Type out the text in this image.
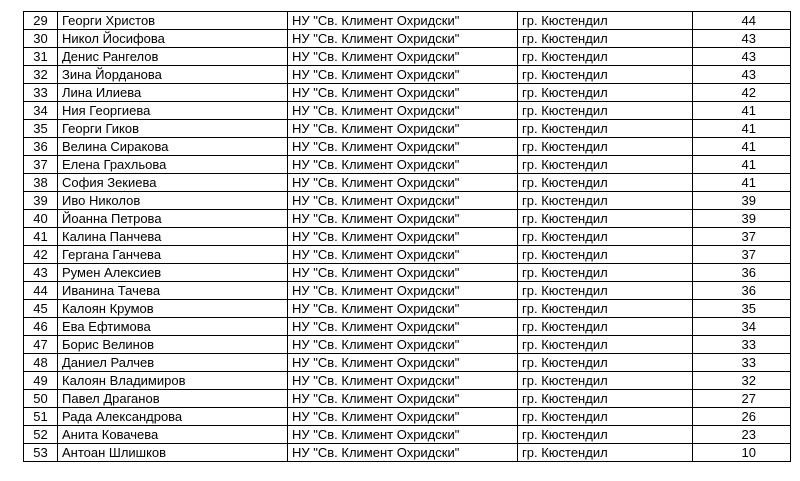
29	Георги Христов	НУ "Св. Климент Охридски"	гр. Кюстендил	44
30	Никол Йосифова	НУ "Св. Климент Охридски"	гр. Кюстендил	43
31	Денис Рангелов	НУ "Св. Климент Охридски"	гр. Кюстендил	43
32	Зина Йорданова	НУ "Св. Климент Охридски"	гр. Кюстендил	43
33	Лина Илиева	НУ "Св. Климент Охридски"	гр. Кюстендил	42
34	Ния Георгиева	НУ "Св. Климент Охридски"	гр. Кюстендил	41
35	Георги Гиков	НУ "Св. Климент Охридски"	гр. Кюстендил	41
36	Велина Сиракова	НУ "Св. Климент Охридски"	гр. Кюстендил	41
37	Елена Грахльова	НУ "Св. Климент Охридски"	гр. Кюстендил	41
38	София Зекиева	НУ "Св. Климент Охридски"	гр. Кюстендил	41
39	Иво Николов	НУ "Св. Климент Охридски"	гр. Кюстендил	39
40	Йоанна Петрова	НУ "Св. Климент Охридски"	гр. Кюстендил	39
41	Калина Панчева	НУ "Св. Климент Охридски"	гр. Кюстендил	37
42	Гергана Ганчева	НУ "Св. Климент Охридски"	гр. Кюстендил	37
43	Румен Алексиев	НУ "Св. Климент Охридски"	гр. Кюстендил	36
44	Иванина Тачева	НУ "Св. Климент Охридски"	гр. Кюстендил	36
45	Калоян Крумов	НУ "Св. Климент Охридски"	гр. Кюстендил	35
46	Ева Ефтимова	НУ "Св. Климент Охридски"	гр. Кюстендил	34
47	Борис Велинов	НУ "Св. Климент Охридски"	гр. Кюстендил	33
48	Даниел Ралчев	НУ "Св. Климент Охридски"	гр. Кюстендил	33
49	Калоян Владимиров	НУ "Св. Климент Охридски"	гр. Кюстендил	32
50	Павел Драганов	НУ "Св. Климент Охридски"	гр. Кюстендил	27
51	Рада Александрова	НУ "Св. Климент Охридски"	гр. Кюстендил	26
52	Анита Ковачева	НУ "Св. Климент Охридски"	гр. Кюстендил	23
53	Антоан Шлишков	НУ "Св. Климент Охридски"	гр. Кюстендил	10
